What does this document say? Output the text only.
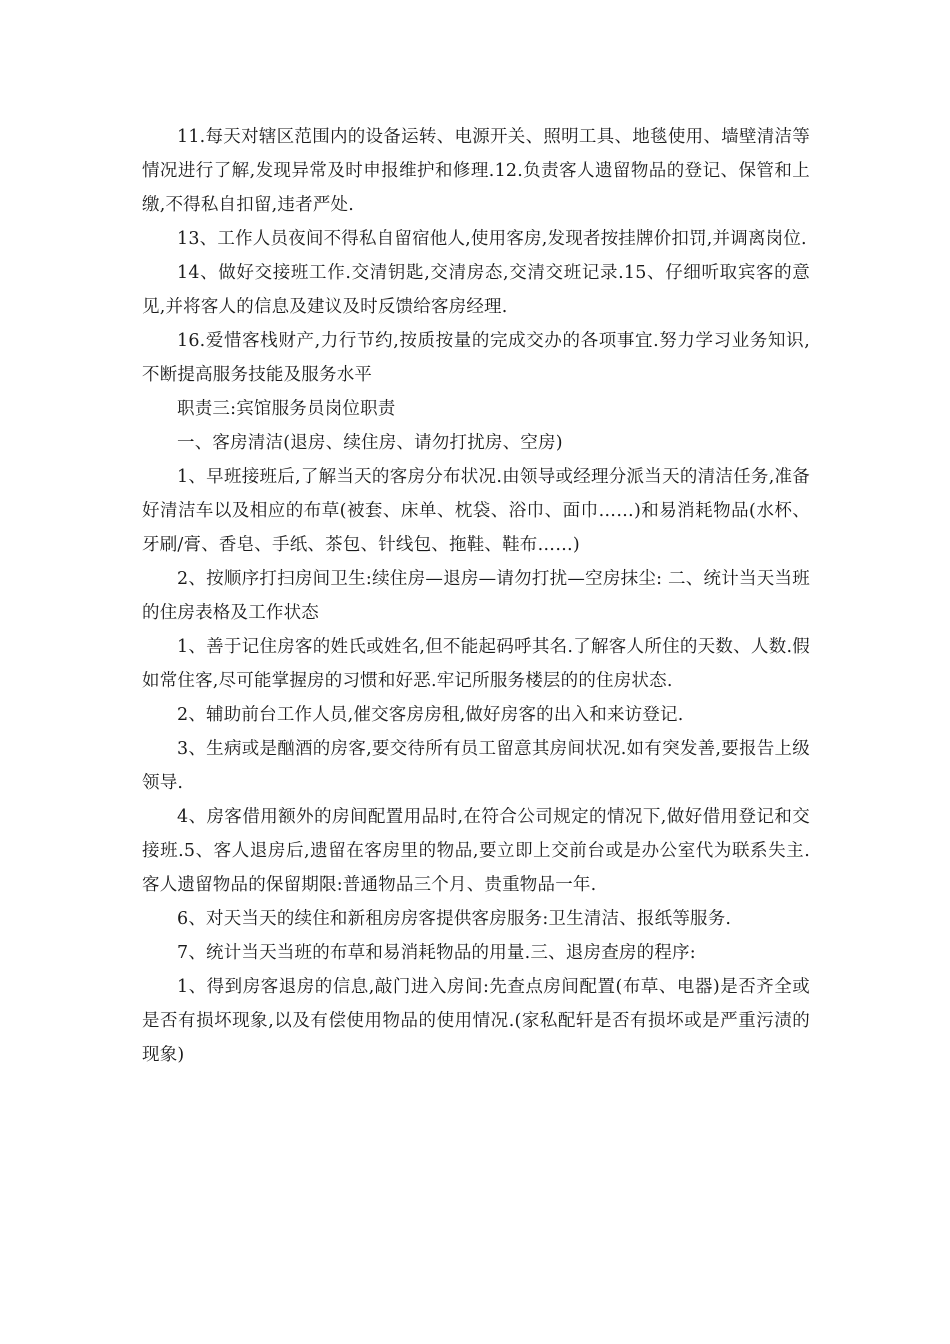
11.每天对辖区范围内的设备运转、电源开关、照明工具、地毯使用、墙壁清洁等情况进行了解,发现异常及时申报维护和修理.12.负责客人遗留物品的登记、保管和上缴,不得私自扣留,违者严处.

13、工作人员夜间不得私自留宿他人,使用客房,发现者按挂牌价扣罚,并调离岗位.

14、做好交接班工作.交清钥匙,交清房态,交清交班记录.15、仔细听取宾客的意见,并将客人的信息及建议及时反馈给客房经理.

16.爱惜客栈财产,力行节约,按质按量的完成交办的各项事宜.努力学习业务知识,不断提高服务技能及服务水平

职责三:宾馆服务员岗位职责

一、客房清洁(退房、续住房、请勿打扰房、空房)

1、早班接班后,了解当天的客房分布状况.由领导或经理分派当天的清洁任务,准备好清洁车以及相应的布草(被套、床单、枕袋、浴巾、面巾……)和易消耗物品(水杯、牙刷/膏、香皂、手纸、茶包、针线包、拖鞋、鞋布……)

2、按顺序打扫房间卫生:续住房—退房—请勿打扰—空房抹尘: 二、统计当天当班的住房表格及工作状态

1、善于记住房客的姓氏或姓名,但不能起码呼其名.了解客人所住的天数、人数.假如常住客,尽可能掌握房的习惯和好恶.牢记所服务楼层的的住房状态.

2、辅助前台工作人员,催交客房房租,做好房客的出入和来访登记.

3、生病或是酗酒的房客,要交待所有员工留意其房间状况.如有突发善,要报告上级领导.

4、房客借用额外的房间配置用品时,在符合公司规定的情况下,做好借用登记和交接班.5、客人退房后,遗留在客房里的物品,要立即上交前台或是办公室代为联系失主.客人遗留物品的保留期限:普通物品三个月、贵重物品一年.

6、对天当天的续住和新租房房客提供客房服务:卫生清洁、报纸等服务.

7、统计当天当班的布草和易消耗物品的用量.三、退房查房的程序:

1、得到房客退房的信息,敲门进入房间:先查点房间配置(布草、电器)是否齐全或是否有损坏现象,以及有偿使用物品的使用情况.(家私配轩是否有损坏或是严重污渍的现象)
